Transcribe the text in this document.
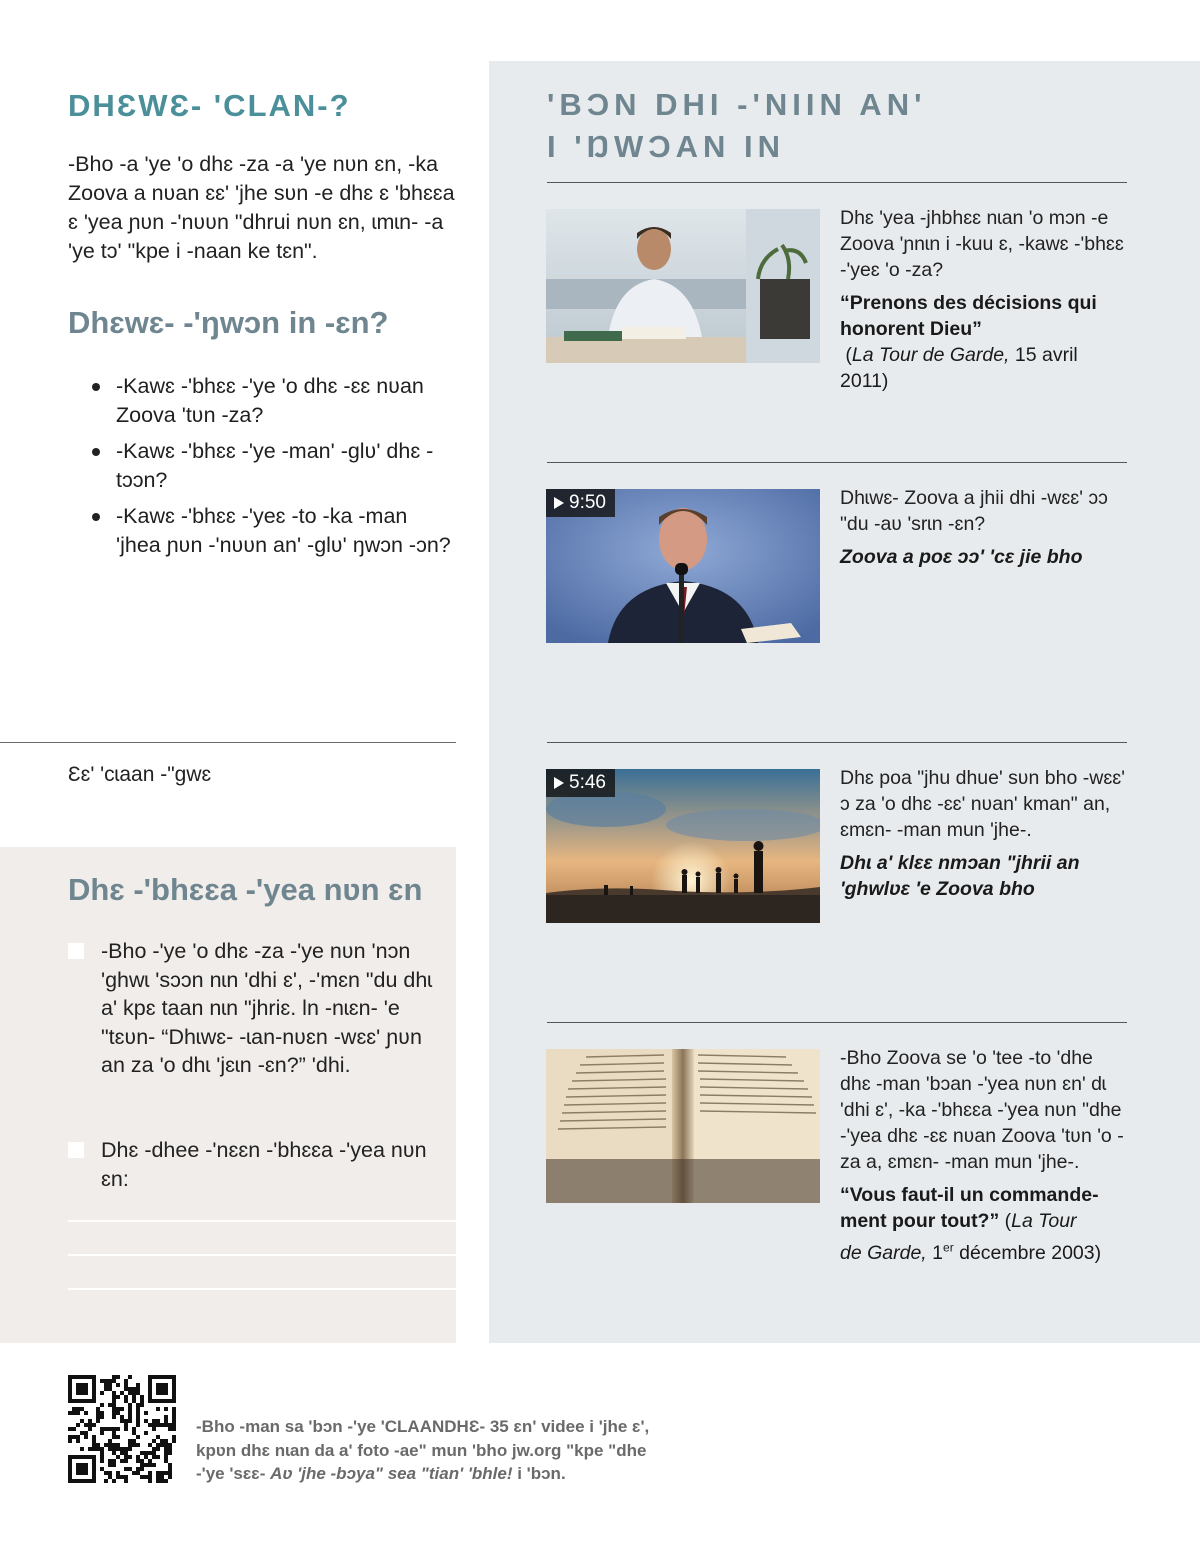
DHƐWƐ- 'CLAN-?

-Bho -a 'ye 'o dhɛ -za -a 'ye nʋn ɛn, -ka Zoova a nʋan ɛɛ' 'jhe sʋn -e dhɛ ɛ 'bhɛɛa ɛ 'yea ɲʋn -'nʋʋn "dhrui nʋn ɛn, ɩmɩn- -a 'ye tɔ' "kpe i -naan ke tɛn".

Dhɛwɛ- -'ŋwɔn in -ɛn?
-Kawɛ -'bhɛɛ -'ye 'o dhɛ -ɛɛ nʋan Zoova 'tʋn -za?
-Kawɛ -'bhɛɛ -'ye -man' -glʋ' dhɛ -tɔɔn?
-Kawɛ -'bhɛɛ -'yeɛ -to -ka -man 'jhea ɲʋn -'nʋʋn an' -glʋ' ŋwɔn -ɔn?
Ɛɛ' 'cɩaan -"gwɛ
Dhɛ -'bhɛɛa -'yea nʋn ɛn
-Bho -'ye 'o dhɛ -za -'ye nʋn 'nɔn 'ghwɩ 'sɔɔn nɩn 'dhi ɛ', -'mɛn "du dhɩ a' kpɛ taan nɩn "jhriɛ. Ɩn -nɩɛn- 'e "tɛʋn- “Dhɩwɛ- -ɩan-nʋɛn -wɛɛ' ɲʋn an za 'o dhɩ 'jɛɩn -ɛn?” 'dhi.
Dhɛ -dhee -'nɛɛn -'bhɛɛa -'yea nʋn ɛn:
'BƆN DHƖ -'NƖƖN AN'
I 'ŊWƆAN IN
Dhɛ 'yea -jhbhɛɛ nɩan 'o mɔn -e Zoova 'ɲnɩn i -kuu ɛ, -kawɛ -'bhɛɛ -'yeɛ 'o -za?
“Prenons des décisions qui honorent Dieu”
(La Tour de Garde, 15 avril 2011)
9:50	Dhɩwɛ- Zoova a jhii dhi -wɛɛ' ɔɔ "du -aʋ 'srɩn -ɛn?
Zoova a poɛ ɔɔ' 'cɛ jie bho
5:46	Dhɛ poa "jhu dhue' sʋn bho -wɛɛ' ɔ za 'o dhɛ -ɛɛ' nʋan' kman" an, ɛmɛn- -man mun 'jhe-.
Dhɩ a' klɛɛ nmɔan "jhrii an 'ghwlʋɛ 'e Zoova bho
-Bho Zoova se 'o 'tee -to 'dhe dhɛ -man 'bɔan -'yea nʋn ɛn' dɩ 'dhi ɛ', -ka -'bhɛɛa -'yea nʋn "dhe -'yea dhɛ -ɛɛ nʋan Zoova 'tʋn 'o -za a, ɛmɛn- -man mun 'jhe-.
“Vous faut-il un commande-ment pour tout?” (La Tour
de Garde, 1er décembre 2003)
-Bho -man sa 'bɔn -'ye 'CLAANDHƐ- 35 ɛn' videe i 'jhe ɛ',
kpʋn dhɛ nɩan da a' foto -ae" mun 'bho jw.org "kpe "dhe
-'ye 'sɛɛ- Aʋ 'jhe -bɔya" sea "tian' 'bhle! i 'bɔn.
